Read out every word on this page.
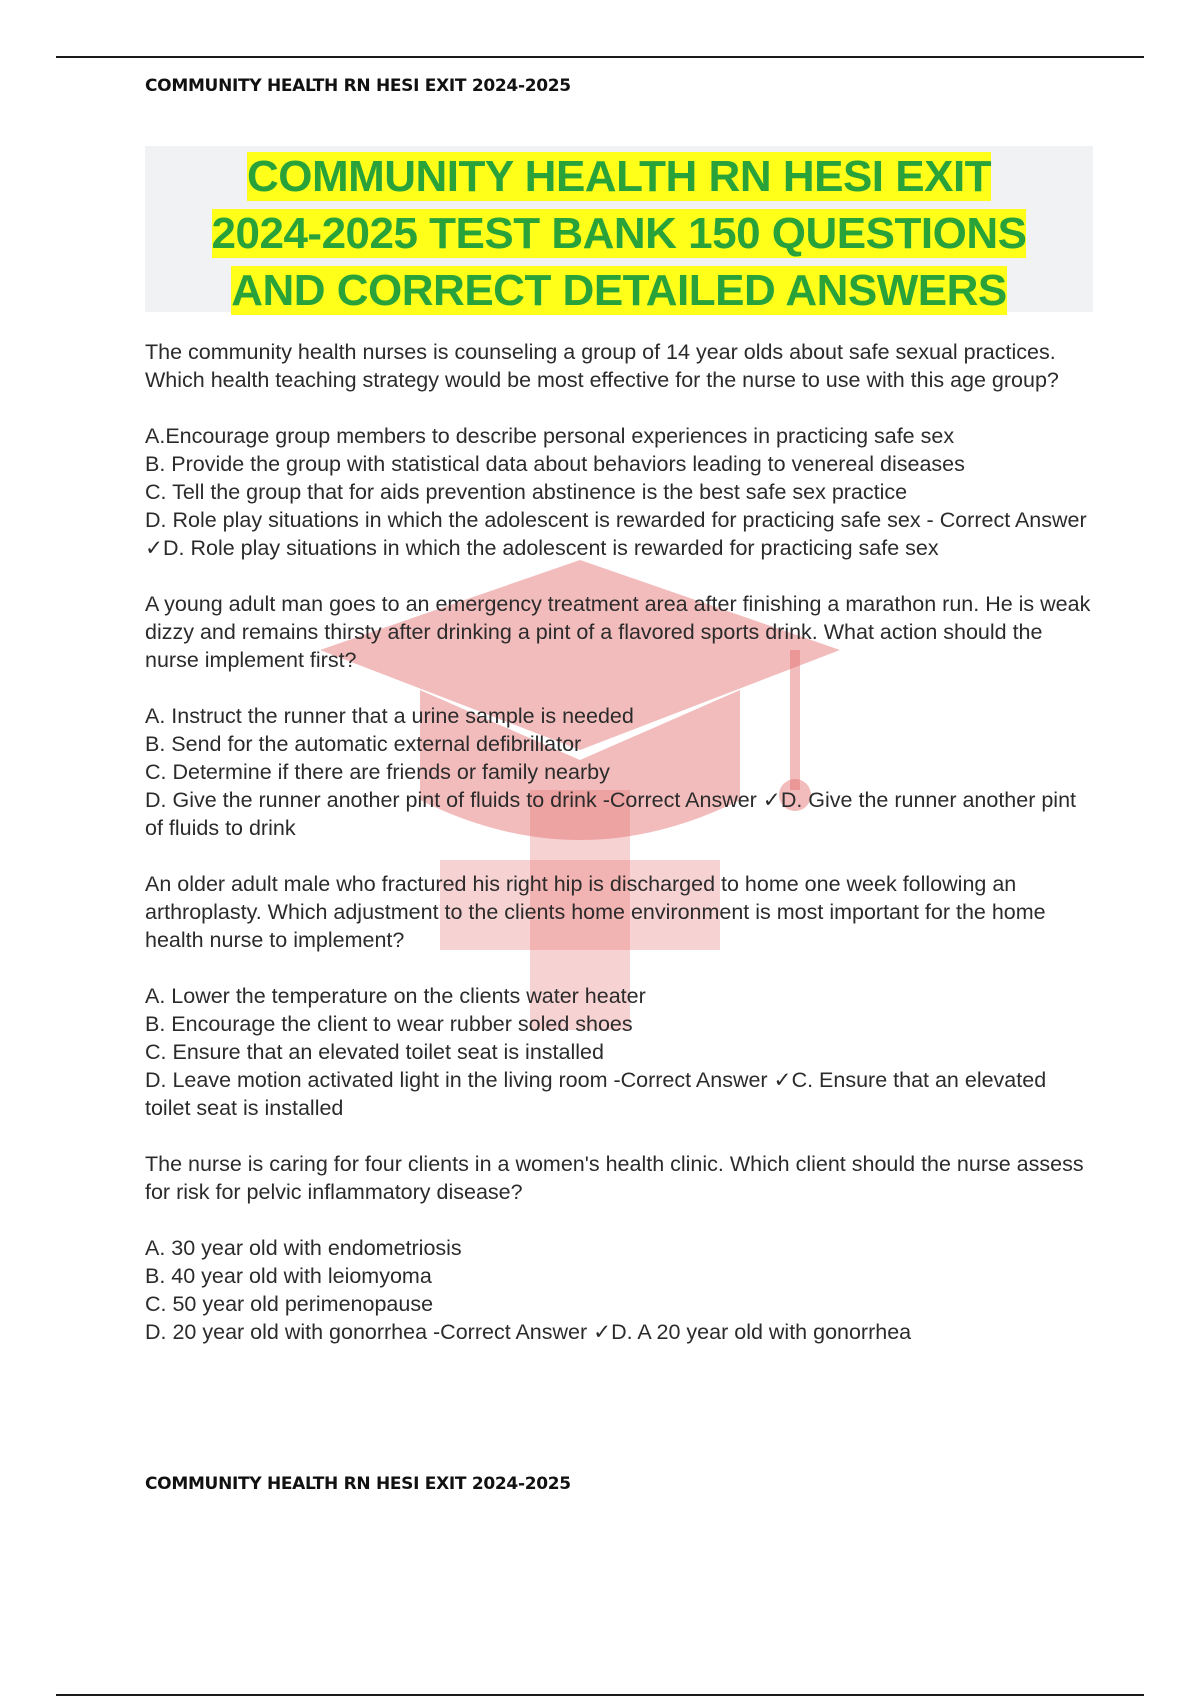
COMMUNITY HEALTH RN HESI EXIT 2024-2025

COMMUNITY HEALTH RN HESI EXIT
2024-2025 TEST BANK 150 QUESTIONS
AND CORRECT DETAILED ANSWERS

The community health nurses is counseling a group of 14 year olds about safe sexual practices. Which health teaching strategy would be most effective for the nurse to use with this age group?

A.Encourage group members to describe personal experiences in practicing safe sex
B. Provide the group with statistical data about behaviors leading to venereal diseases
C. Tell the group that for aids prevention abstinence is the best safe sex practice
D. Role play situations in which the adolescent is rewarded for practicing safe sex - Correct Answer ✓D. Role play situations in which the adolescent is rewarded for practicing safe sex

A young adult man goes to an emergency treatment area after finishing a marathon run. He is weak dizzy and remains thirsty after drinking a pint of a flavored sports drink. What action should the nurse implement first?

A. Instruct the runner that a urine sample is needed
B. Send for the automatic external defibrillator
C. Determine if there are friends or family nearby
D. Give the runner another pint of fluids to drink -Correct Answer ✓D. Give the runner another pint of fluids to drink

An older adult male who fractured his right hip is discharged to home one week following an arthroplasty. Which adjustment to the clients home environment is most important for the home health nurse to implement?

A. Lower the temperature on the clients water heater
B. Encourage the client to wear rubber soled shoes
C. Ensure that an elevated toilet seat is installed
D. Leave motion activated light in the living room -Correct Answer ✓C. Ensure that an elevated toilet seat is installed

The nurse is caring for four clients in a women's health clinic. Which client should the nurse assess for risk for pelvic inflammatory disease?

A. 30 year old with endometriosis
B. 40 year old with leiomyoma
C. 50 year old perimenopause
D. 20 year old with gonorrhea -Correct Answer ✓D. A 20 year old with gonorrhea
COMMUNITY HEALTH RN HESI EXIT 2024-2025
